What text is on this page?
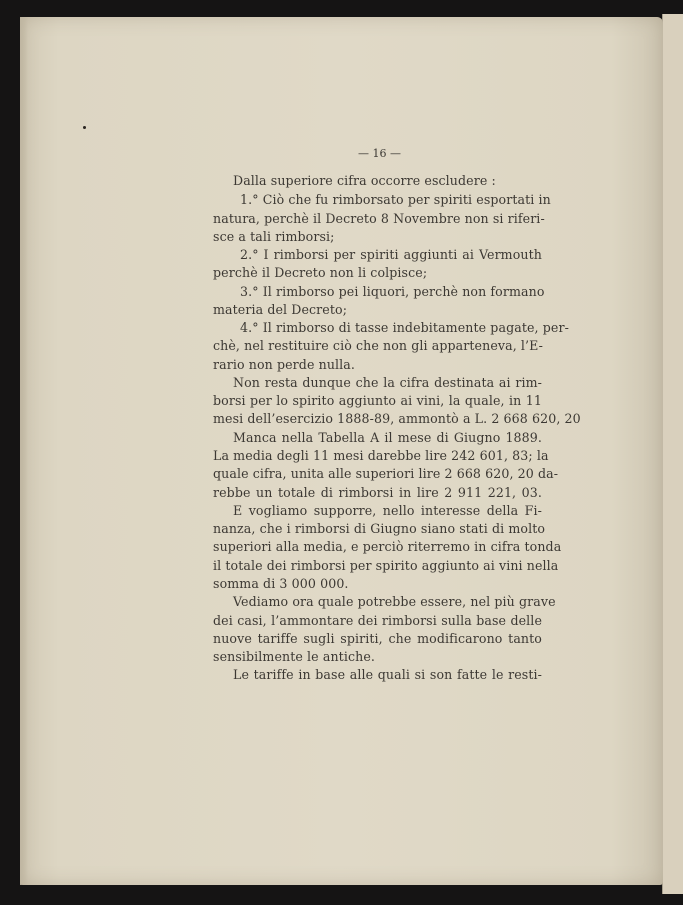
— 16 —
Dalla superiore cifra occorre escludere :
1.° Ciò che fu rimborsato per spiriti esportati in
natura, perchè il Decreto 8 Novembre non si riferi-
sce a tali rimborsi;
2.° I rimborsi per spiriti aggiunti ai Vermouth
perchè il Decreto non li colpisce;
3.° Il rimborso pei liquori, perchè non formano
materia del Decreto;
4.° Il rimborso di tasse indebitamente pagate, per-
chè, nel restituire ciò che non gli apparteneva, l’E-
rario non perde nulla.
Non resta dunque che la cifra destinata ai rim-
borsi per lo spirito aggiunto ai vini, la quale, in 11
mesi dell’esercizio 1888-89, ammontò a L. 2 668 620, 20
Manca nella Tabella A il mese di Giugno 1889.
La media degli 11 mesi darebbe lire 242 601, 83; la
quale cifra, unita alle superiori lire 2 668 620, 20 da-
rebbe un totale di rimborsi in lire 2 911 221, 03.
E vogliamo supporre, nello interesse della Fi-
nanza, che i rimborsi di Giugno siano stati di molto
superiori alla media, e perciò riterremo in cifra tonda
il totale dei rimborsi per spirito aggiunto ai vini nella
somma di 3 000 000.
Vediamo ora quale potrebbe essere, nel più grave
dei casi, l’ammontare dei rimborsi sulla base delle
nuove tariffe sugli spiriti, che modificarono tanto
sensibilmente le antiche.
Le tariffe in base alle quali si son fatte le resti-
